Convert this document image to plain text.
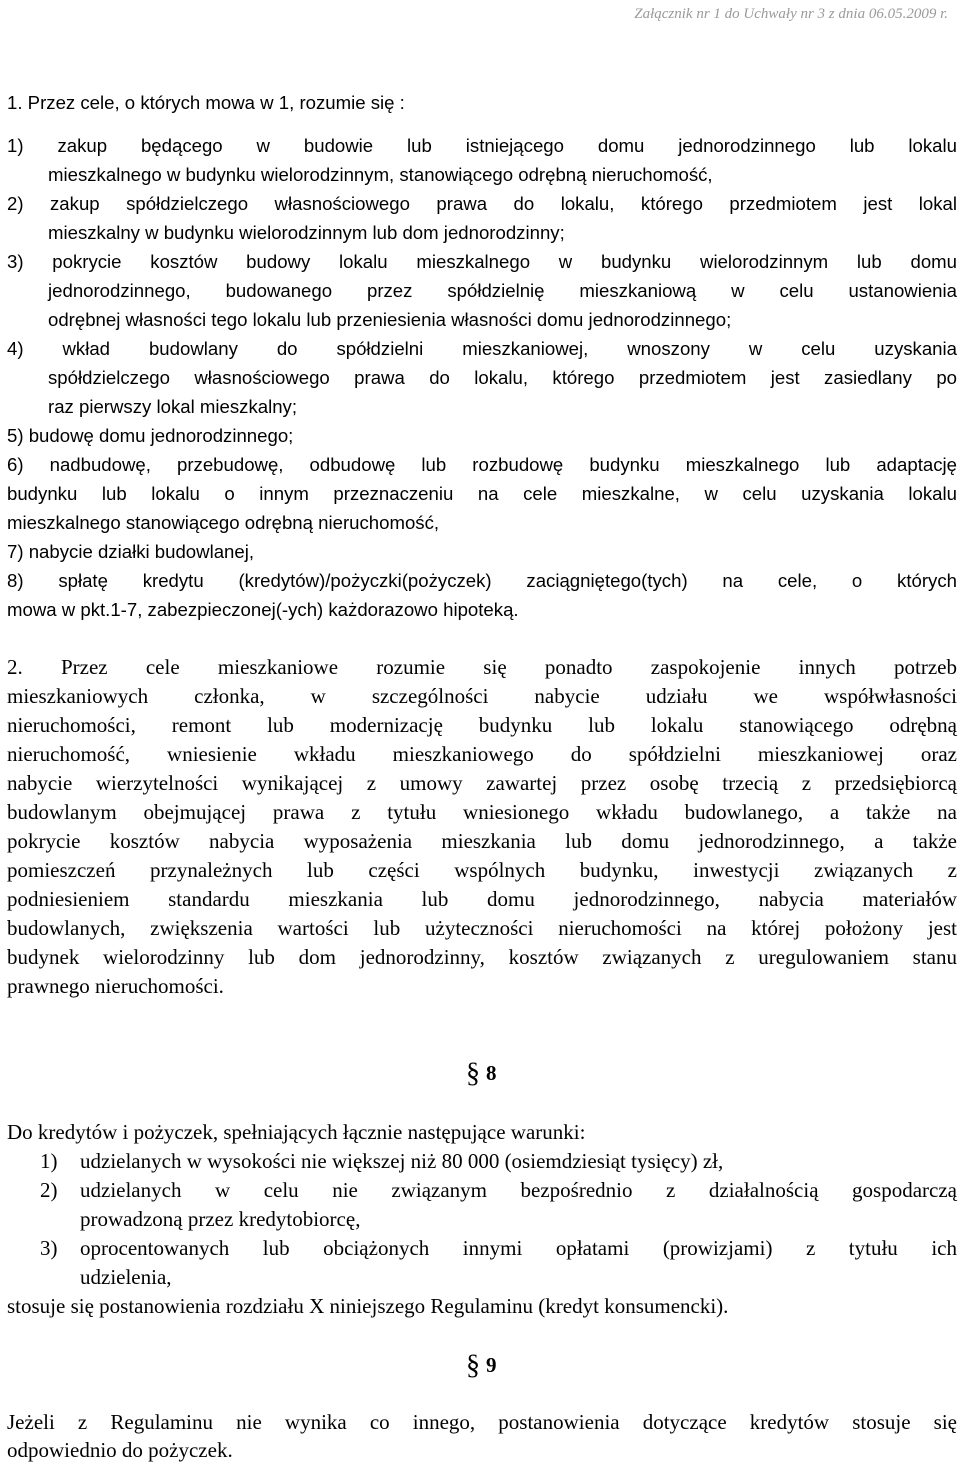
Załącznik nr 1 do Uchwały nr 3 z dnia 06.05.2009 r.
1. Przez cele, o których mowa w 1, rozumie się :
1) zakup będącego w budowie lub istniejącego domu jednorodzinnego lub lokalu
mieszkalnego w budynku wielorodzinnym, stanowiącego odrębną nieruchomość,
2) zakup spółdzielczego własnościowego prawa do lokalu, którego przedmiotem jest lokal
mieszkalny w budynku wielorodzinnym lub dom jednorodzinny;
3) pokrycie kosztów budowy lokalu mieszkalnego w budynku wielorodzinnym lub domu
jednorodzinnego, budowanego przez spółdzielnię mieszkaniową w celu ustanowienia
odrębnej własności tego lokalu lub przeniesienia własności domu jednorodzinnego;
4) wkład budowlany do spółdzielni mieszkaniowej, wnoszony w celu uzyskania
spółdzielczego własnościowego prawa do lokalu, którego przedmiotem jest zasiedlany po
raz pierwszy lokal mieszkalny;
5) budowę domu jednorodzinnego;
6) nadbudowę, przebudowę, odbudowę lub rozbudowę budynku mieszkalnego lub adaptację
budynku lub lokalu o innym przeznaczeniu na cele mieszkalne, w celu uzyskania lokalu
mieszkalnego stanowiącego odrębną nieruchomość,
7) nabycie działki budowlanej,
8) spłatę kredytu (kredytów)/pożyczki(pożyczek) zaciągniętego(tych) na cele, o których
mowa w pkt.1-7, zabezpieczonej(-ych) każdorazowo hipoteką.
2. Przez cele mieszkaniowe rozumie się ponadto zaspokojenie innych potrzeb
mieszkaniowych członka, w szczególności nabycie udziału we współwłasności
nieruchomości, remont lub modernizację budynku lub lokalu stanowiącego odrębną
nieruchomość, wniesienie wkładu mieszkaniowego do spółdzielni mieszkaniowej oraz
nabycie wierzytelności wynikającej z umowy zawartej przez osobę trzecią z przedsiębiorcą
budowlanym obejmującej prawa z tytułu wniesionego wkładu budowlanego, a także na
pokrycie kosztów nabycia wyposażenia mieszkania lub domu jednorodzinnego, a także
pomieszczeń przynależnych lub części wspólnych budynku, inwestycji związanych z
podniesieniem standardu mieszkania lub domu jednorodzinnego, nabycia materiałów
budowlanych, zwiększenia wartości lub użyteczności nieruchomości na której położony jest
budynek wielorodzinny lub dom jednorodzinny, kosztów związanych z uregulowaniem stanu
prawnego nieruchomości.
§ 8
Do kredytów i pożyczek, spełniających łącznie następujące warunki:
1) udzielanych w wysokości nie większej niż 80 000 (osiemdziesiąt tysięcy) zł,
2) udzielanych w celu nie związanym bezpośrednio z działalnością gospodarczą
prowadzoną przez kredytobiorcę,
3) oprocentowanych lub obciążonych innymi opłatami (prowizjami) z tytułu ich
udzielenia,
stosuje się postanowienia rozdziału X niniejszego Regulaminu (kredyt konsumencki).
§ 9
Jeżeli z Regulaminu nie wynika co innego, postanowienia dotyczące kredytów stosuje się
odpowiednio do pożyczek.
